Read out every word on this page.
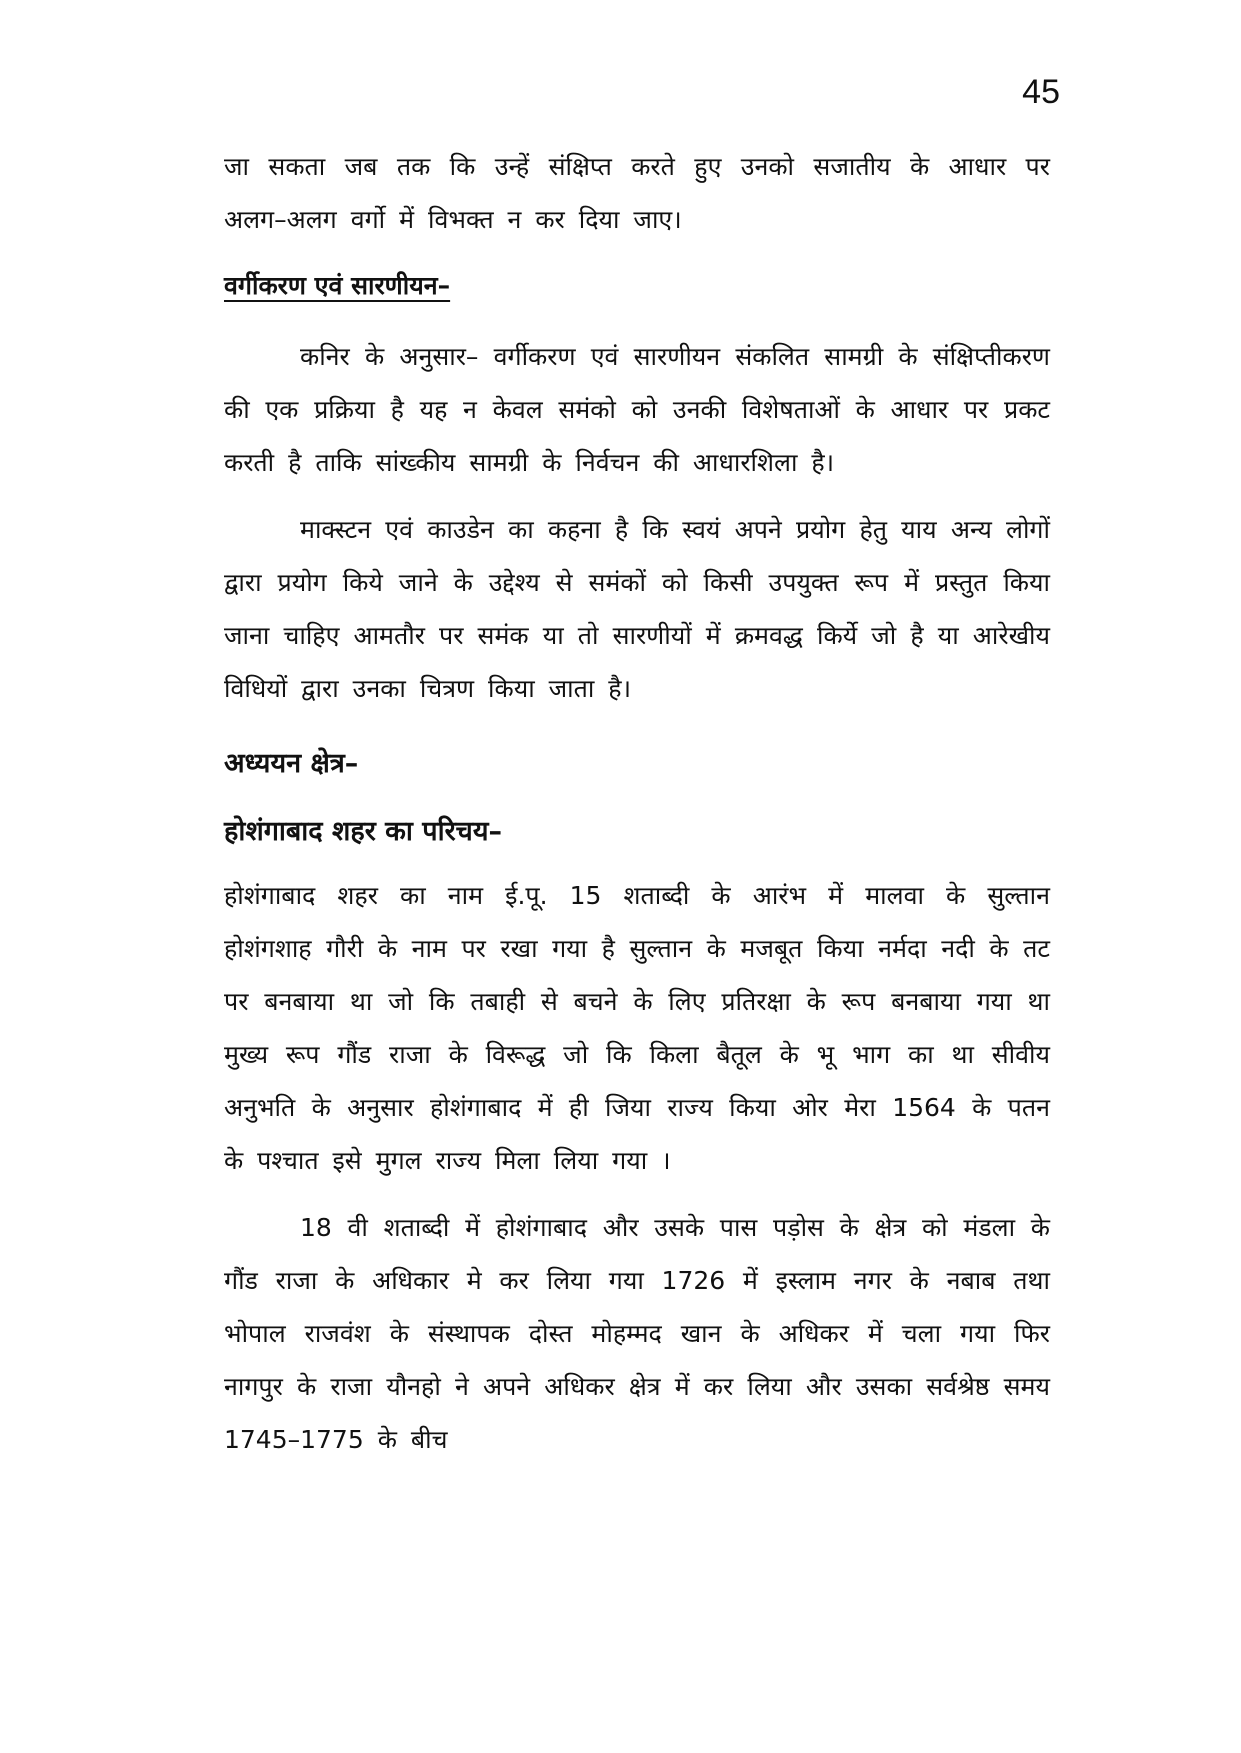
45

जा सकता जब तक कि उन्हें संक्षिप्त करते हुए उनको सजातीय के आधार पर अलग–अलग वर्गो में विभक्त न कर दिया जाए।

वर्गीकरण एवं सारणीयन–

कनिर के अनुसार– वर्गीकरण एवं सारणीयन संकलित सामग्री के संक्षिप्तीकरण की एक प्रक्रिया है यह न केवल समंको को उनकी विशेषताओं के आधार पर प्रकट करती है ताकि सांख्कीय सामग्री के निर्वचन की आधारशिला है।

माक्स्टन एवं काउडेन का कहना है कि स्वयं अपने प्रयोग हेतु याय अन्य लोगों द्वारा प्रयोग किये जाने के उद्देश्य से समंकों को किसी उपयुक्त रूप में प्रस्तुत किया जाना चाहिए आमतौर पर समंक या तो सारणीयों में क्रमवद्ध किर्ये जो है या आरेखीय विधियों द्वारा उनका चित्रण किया जाता है।

अध्ययन क्षेत्र–
होशंगाबाद शहर का परिचय–

होशंगाबाद शहर का नाम ई.पू. 15 शताब्दी के आरंभ में मालवा के सुल्तान होशंगशाह गौरी के नाम पर रखा गया है सुल्तान के मजबूत किया नर्मदा नदी के तट पर बनबाया था जो कि तबाही से बचने के लिए प्रतिरक्षा के रूप बनबाया गया था मुख्य रूप गौंड राजा के विरूद्ध जो कि किला बैतूल के भू भाग का था सीवीय अनुभति के अनुसार होशंगाबाद में ही जिया राज्य किया ओर मेरा 1564 के पतन के पश्चात इसे मुगल राज्य मिला लिया गया ।

18 वी शताब्दी में होशंगाबाद और उसके पास पड़ोस के क्षेत्र को मंडला के गौंड राजा के अधिकार मे कर लिया गया 1726 में इस्लाम नगर के नबाब तथा भोपाल राजवंश के संस्थापक दोस्त मोहम्मद खान के अधिकर में चला गया फिर नागपुर के राजा यौनहो ने अपने अधिकर क्षेत्र में कर लिया और उसका सर्वश्रेष्ठ समय 1745–1775 के बीच
